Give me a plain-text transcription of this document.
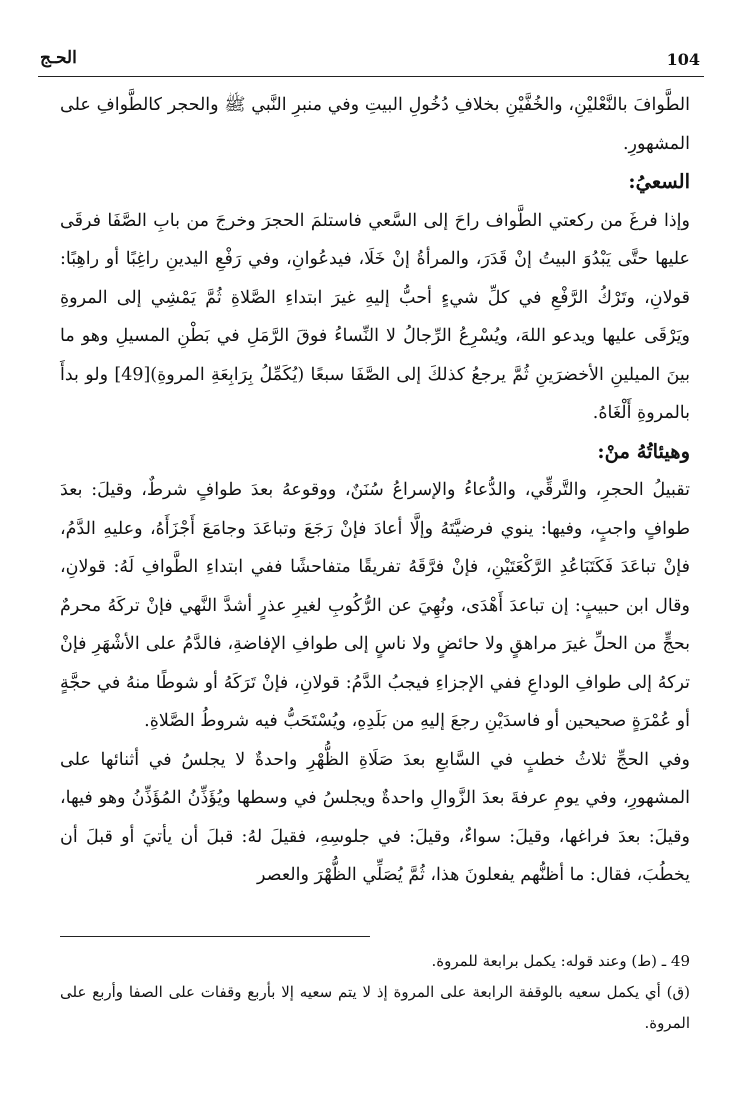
الحـج	104

الطَّوافَ بالنَّعْليْنِ، والخُفَّيْنِ بخلافِ دُخُولِ البيتِ وفي منبرِ النَّبي ﷺ والحجر كالطَّوافِ على المشهورِ.

السعيُ:

وإذا فرغَ من ركعتي الطَّواف راحَ إلى السَّعي فاستلمَ الحجرَ وخرجَ من بابِ الصَّفَا فرقَى عليها حتَّى يَبْدُوَ البيتُ إنْ قَدَرَ، والمرأةُ إنْ خَلَا، فيدعُوانِ، وفي رَفْعِ اليدينِ راغِبًا أو راهِبًا: قولانِ، وتَرْكُ الرَّفْعِ في كلِّ شيءٍ أحبُّ إليهِ غيرَ ابتداءِ الصَّلاةِ ثُمَّ يَمْشِي إلى المروةِ ويَرْقَى عليها ويدعو اللهَ، ويُسْرِعُ الرِّجالُ لا النِّساءُ فوقَ الرَّمَلِ في بَطْنِ المسيلِ وهو ما بينَ الميلينِ الأخضرَينِ ثُمَّ يرجعُ كذلكَ إلى الصَّفَا سبعًا (يُكَمِّلُ بِرَابِعَةِ المروةِ)[49] ولو بدأَ بالمروةِ أَلْغَاهُ.

وهيئاتُهُ منْ:

تقبيلُ الحجرِ، والتَّرقِّي، والدُّعاءُ والإسراعُ سُنَنٌ، ووقوعهُ بعدَ طوافٍ شرطٌ، وقيلَ: بعدَ طوافٍ واجبٍ، وفيها: ينوي فرضيَّتَهُ وإلَّا أعادَ فإنْ رَجَعَ وتباعَدَ وجامَعَ أَجْزَأَهُ، وعليهِ الدَّمُ، فإنْ تباعَدَ فَكَتَبَاعُدِ الرَّكْعَتَيْنِ، فإنْ فرَّقَهُ تفريقًا متفاحشًا ففي ابتداءِ الطَّوافِ لَهُ: قولانِ، وقال ابن حبيبٍ: إن تباعدَ أَهْدَى، ونُهِيَ عن الرُّكُوبِ لغيرِ عذرٍ أشدَّ النَّهي فإنْ تركَهُ محرمٌ بحجٍّ من الحلِّ غيرَ مراهقٍ ولا حائضٍ ولا ناسٍ إلى طوافِ الإفاضةِ، فالدَّمُ على الأشْهَرِ فإنْ تركهُ إلى طوافِ الوداعِ ففي الإجزاءِ فيجبُ الدَّمُ: قولانِ، فإنْ تَرَكَهُ أو شوطًا منهُ في حجَّةٍ أو عُمْرَةٍ صحيحين أو فاسدَيْنِ رجعَ إليهِ من بَلَدِهِ، ويُسْتَحَبُّ فيه شروطُ الصَّلاةِ.

وفي الحجِّ ثلاثُ خطبٍ في السَّابعِ بعدَ صَلَاةِ الظُّهْرِ واحدةٌ لا يجلسُ في أثنائها على المشهورِ، وفي يومِ عرفةَ بعدَ الزَّوالِ واحدةٌ ويجلسُ في وسطها ويُؤَذِّنُ المُؤَذِّنُ وهو فيها، وقيلَ: بعدَ فراغها، وقيلَ: سواءٌ، وقيلَ: في جلوسِهِ، فقيلَ لهُ: قبلَ أن يأتيَ أو قبلَ أن يخطُبَ، فقال: ما أظنُّهم يفعلونَ هذا، ثُمَّ يُصَلِّي الظُّهْرَ والعصر

49 ـ (ط) وعند قوله: يكمل برابعة للمروة.

(ق) أي يكمل سعيه بالوقفة الرابعة على المروة إذ لا يتم سعيه إلا بأربع وقفات على الصفا وأربع على المروة.
